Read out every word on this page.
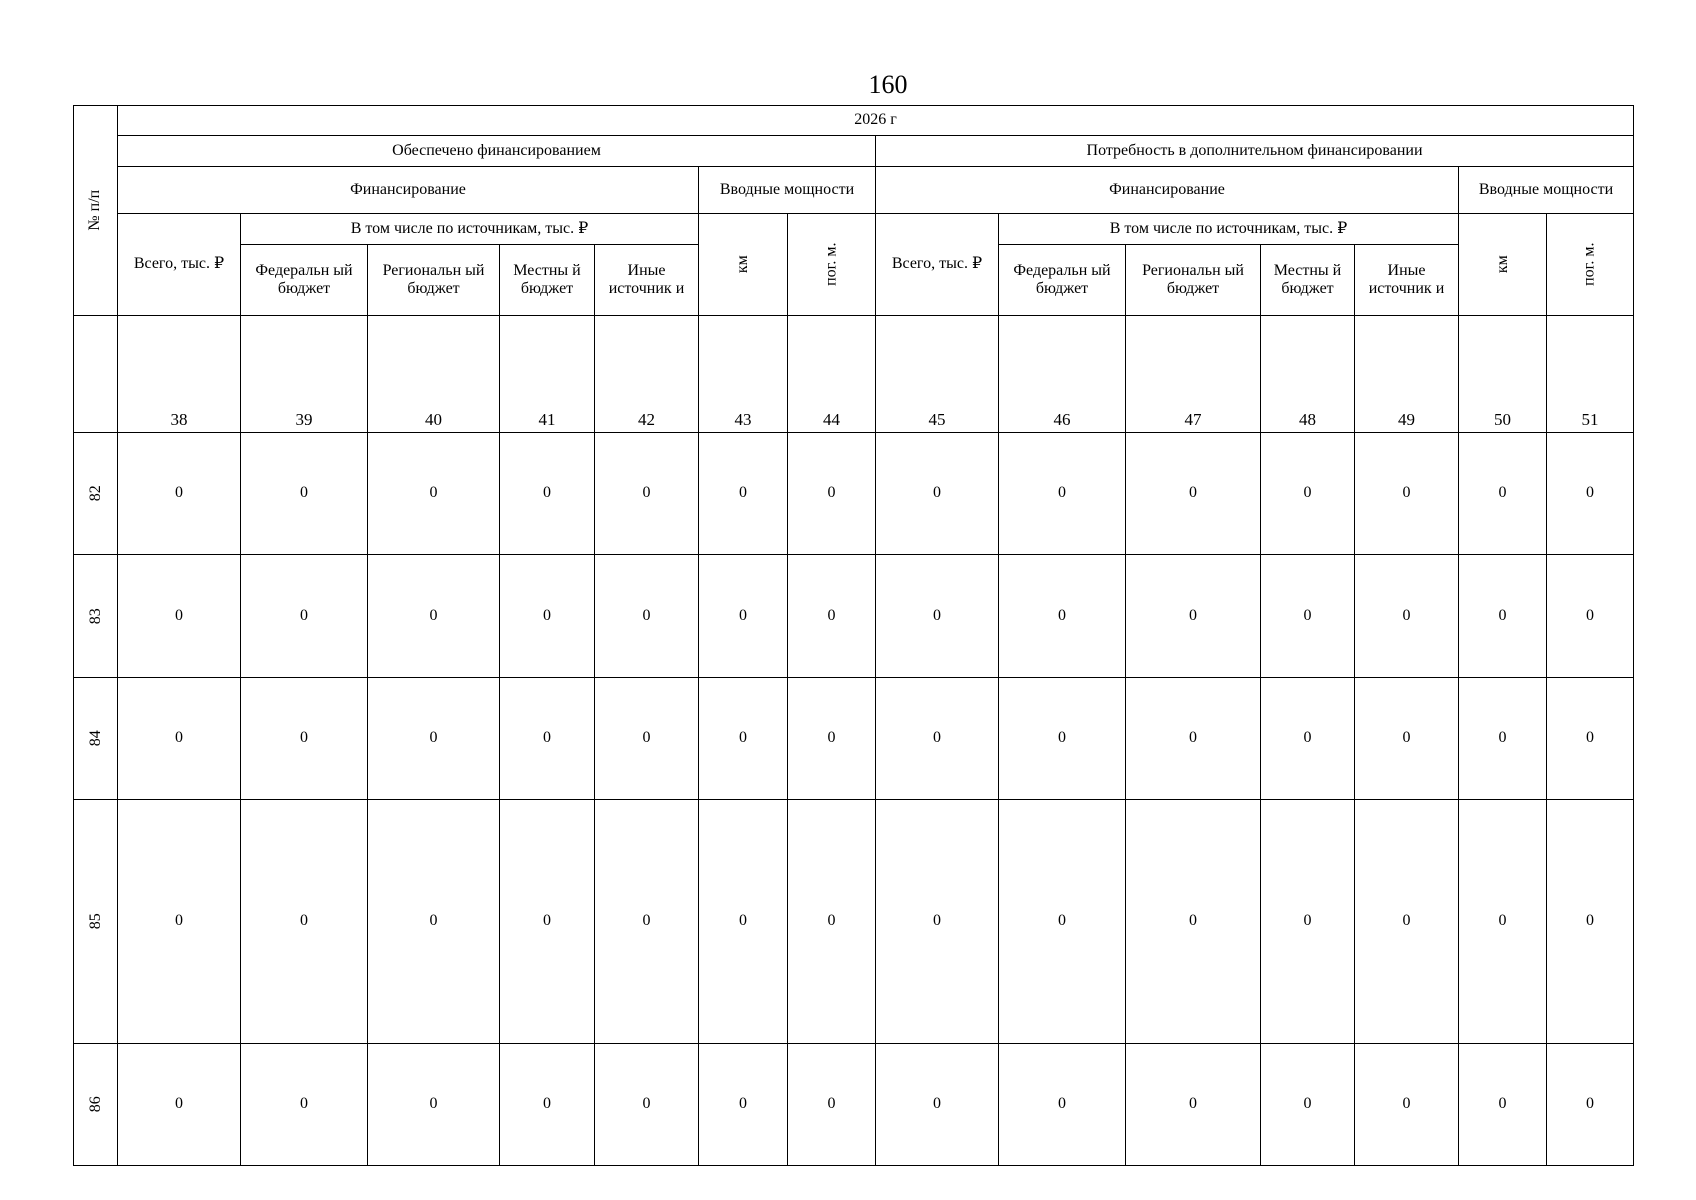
160
№ п/п	2026 г													
	Обеспечено финансированием							Потребность в дополнительном финансировании						
	Финансирование					Вводные мощности		Финансирование					Вводные мощности	
	Всего, тыс. ₽	В том числе по источникам, тыс. ₽				км	пог. м.	Всего, тыс. ₽	В том числе по источникам, тыс. ₽				км	пог. м.
		Федеральн ый бюджет	Региональн ый бюджет	Местны й бюджет	Иные источник и				Федеральн ый бюджет	Региональн ый бюджет	Местны й бюджет	Иные источник и		
	38	39	40	41	42	43	44	45	46	47	48	49	50	51
82	0	0	0	0	0	0	0	0	0	0	0	0	0	0
83	0	0	0	0	0	0	0	0	0	0	0	0	0	0
84	0	0	0	0	0	0	0	0	0	0	0	0	0	0
85	0	0	0	0	0	0	0	0	0	0	0	0	0	0
86	0	0	0	0	0	0	0	0	0	0	0	0	0	0
